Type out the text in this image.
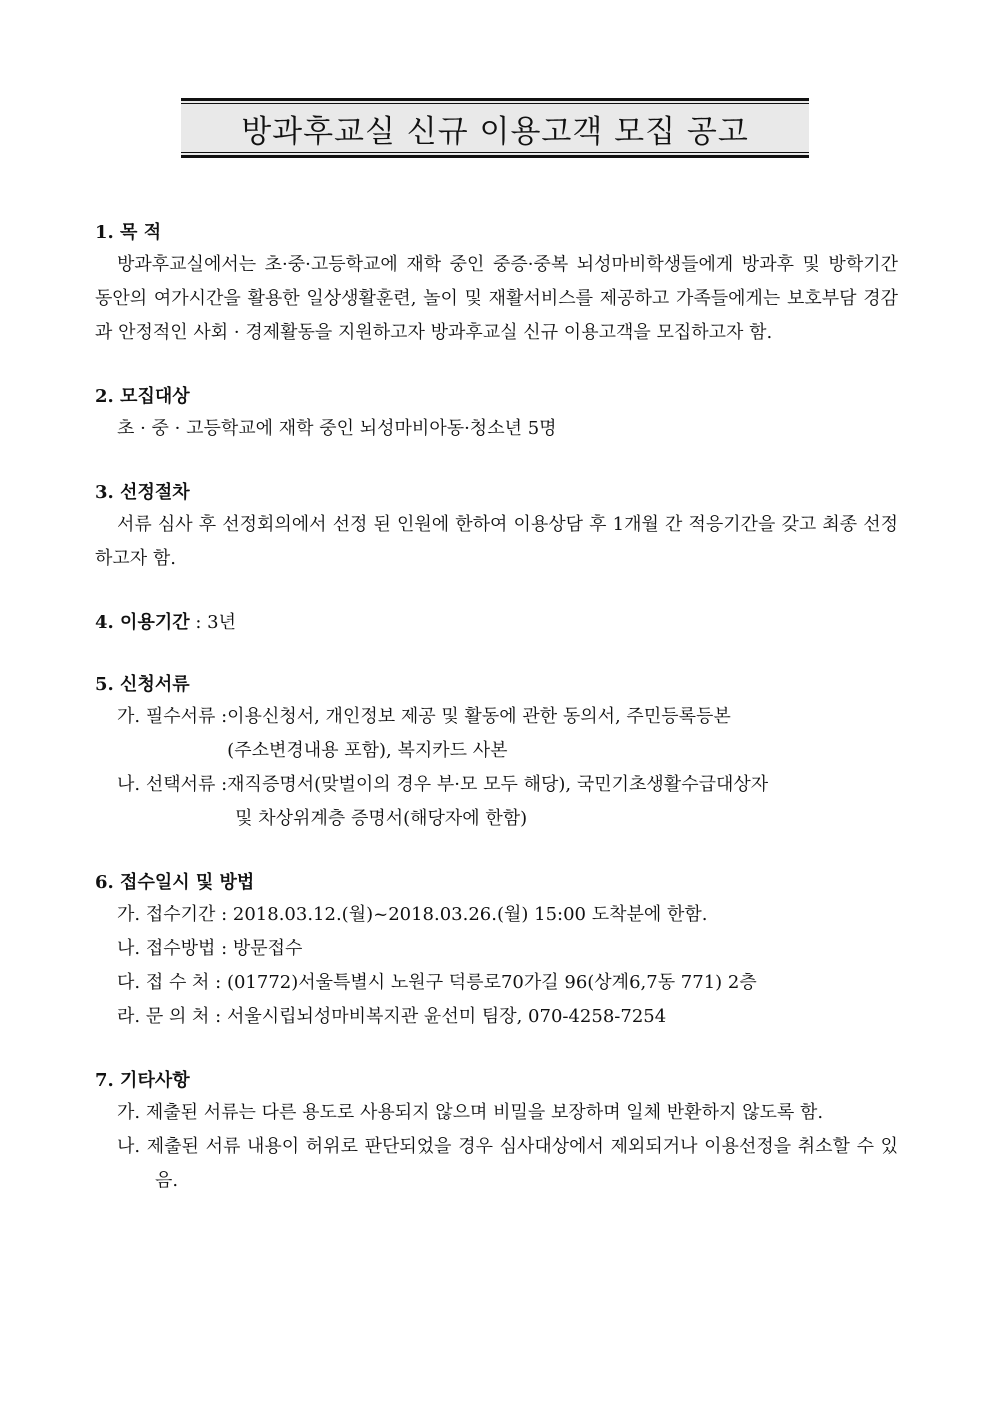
방과후교실 신규 이용고객 모집 공고
1. 목 적

방과후교실에서는 초·중·고등학교에 재학 중인 중증·중복 뇌성마비학생들에게 방과후 및 방학기간 동안의 여가시간을 활용한 일상생활훈련, 놀이 및 재활서비스를 제공하고 가족들에게는 보호부담 경감과 안정적인 사회 · 경제활동을 지원하고자 방과후교실 신규 이용고객을 모집하고자 함.

2. 모집대상
초 · 중 · 고등학교에 재학 중인 뇌성마비아동·청소년 5명
3. 선정절차

서류 심사 후 선정회의에서 선정 된 인원에 한하여 이용상담 후 1개월 간 적응기간을 갖고 최종 선정하고자 함.

4. 이용기간 : 3년
5. 신청서류
가. 필수서류 : 이용신청서, 개인정보 제공 및 활동에 관한 동의서, 주민등록등본
(주소변경내용 포함), 복지카드 사본
나. 선택서류 : 재직증명서(맞벌이의 경우 부·모 모두 해당), 국민기초생활수급대상자
및 차상위계층 증명서(해당자에 한함)
6. 접수일시 및 방법
가. 접수기간 : 2018.03.12.(월)~2018.03.26.(월) 15:00 도착분에 한함.
나. 접수방법 : 방문접수
다. 접 수 처 : (01772)서울특별시 노원구 덕릉로70가길 96(상계6,7동 771) 2층
라. 문 의 처 : 서울시립뇌성마비복지관 윤선미 팀장, 070-4258-7254
7. 기타사항
가. 제출된 서류는 다른 용도로 사용되지 않으며 비밀을 보장하며 일체 반환하지 않도록 함.
나. 제출된 서류 내용이 허위로 판단되었을 경우 심사대상에서 제외되거나 이용선정을 취소할 수 있음.
